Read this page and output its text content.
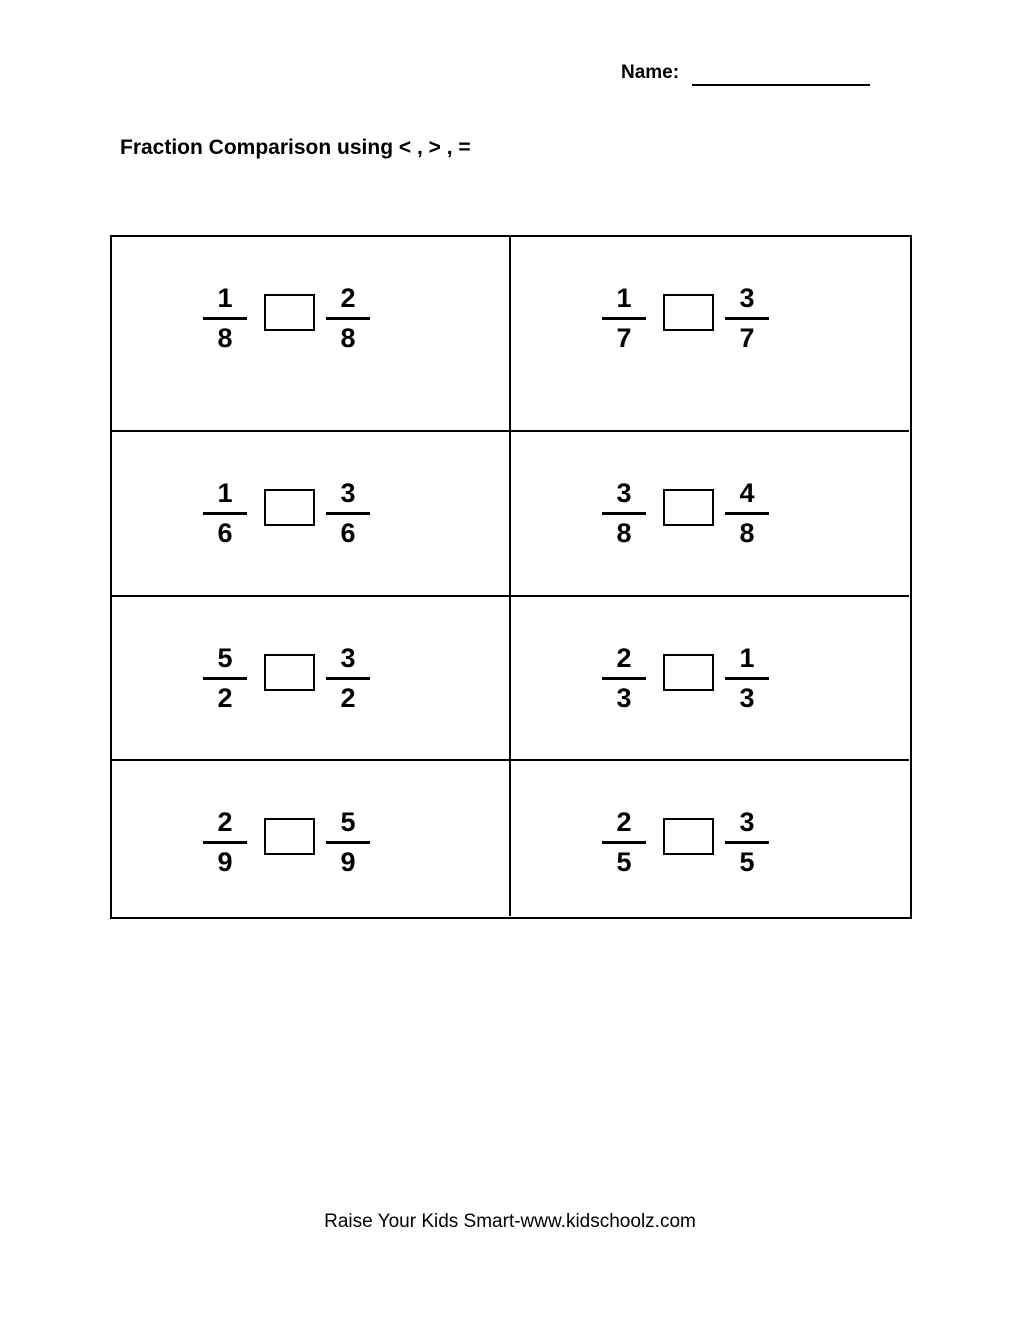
Name:
Fraction Comparison using < , > , =
1
8
2
8
1
7
3
7
1
6
3
6
3
8
4
8
5
2
3
2
2
3
1
3
2
9
5
9
2
5
3
5
Raise Your Kids Smart-www.kidschoolz.com
